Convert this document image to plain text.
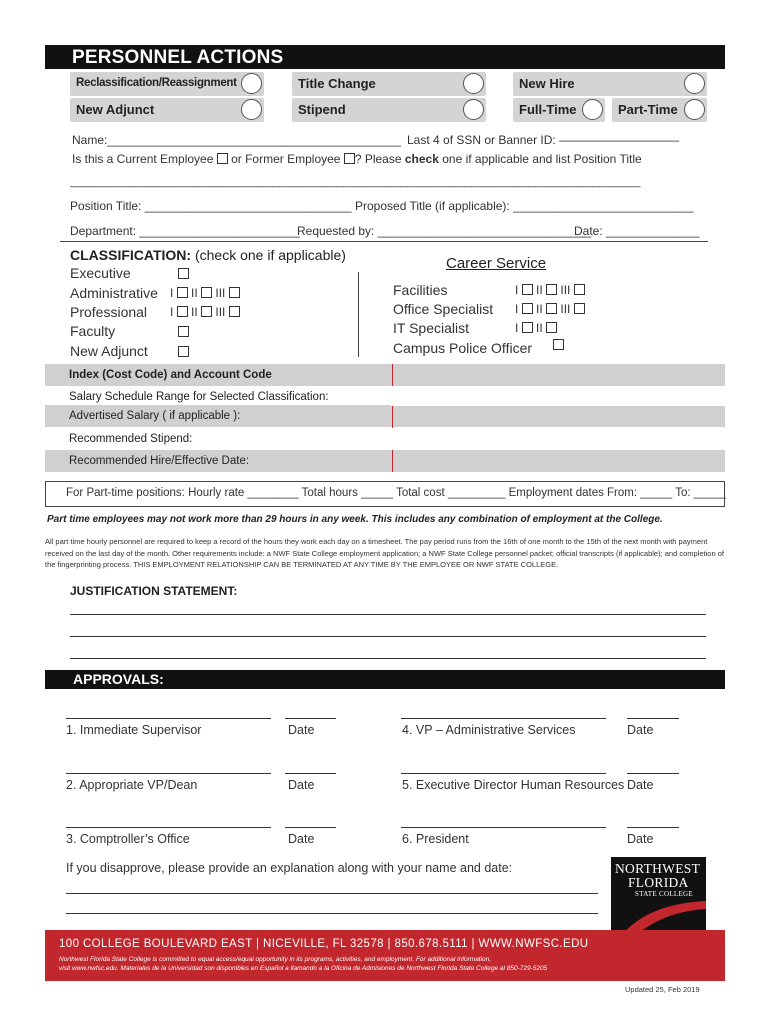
PERSONNEL ACTIONS
Reclassification/Reassignment	Title Change	New Hire
New Adjunct	Stipend	Full-Time	Part-Time
Name:____________________________________________ Last 4 of SSN or Banner ID: ——————————
Is this a Current Employee or Former Employee ? Please check one if applicable and list Position Title
__________________________________________________________________________________________________
Position Title: _______________________________ Proposed Title (if applicable): ___________________________
Department: ________________________
Requested by: ________________________________
Date: ______________
CLASSIFICATION: (check one if applicable)
Executive
Administrative I II III
Professional I II III
Faculty
New Adjunct
Career Service
Facilities	I II III
Office Specialist I II III
IT Specialist	I II
Campus Police Officer
Index (Cost Code) and Account Code
Salary Schedule Range for Selected Classification:
Advertised Salary ( if applicable ):
Recommended Stipend:
Recommended Hire/Effective Date:
For Part-time positions: Hourly rate ________ Total hours _____ Total cost _________ Employment dates From: _____ To: _____
Part time employees may not work more than 29 hours in any week. This includes any combination of employment at the College.
All part time hourly personnel are required to keep a record of the hours they work each day on a timesheet. The pay period runs from the 16th of one month to the 15th of the next month with payment received on the last day of the month. Other requirements include: a NWF State College employment application; a NWF State College personnel packet; official transcripts (if applicable); and completion of the fingerprinting process. THIS EMPLOYMENT RELATIONSHIP CAN BE TERMINATED AT ANY TIME BY THE EMPLOYEE OR NWF STATE COLLEGE.
JUSTIFICATION STATEMENT:
APPROVALS:
1. Immediate Supervisor	Date
2. Appropriate VP/Dean	Date
3. Comptroller’s Office	Date
4. VP – Administrative Services	Date
5. Executive Director Human Resources Date
6. President	Date
If you disapprove, please provide an explanation along with your name and date:	NORTHWEST
FLORIDA
STATE COLLEGE
100 COLLEGE BOULEVARD EAST | NICEVILLE, FL 32578 | 850.678.5111 | WWW.NWFSC.EDU
Northwest Florida State College is committed to equal access/equal opportunity in its programs, activities, and employment. For additional information,
visit www.nwfsc.edu. Materiales de la Universidad son disponibles en Español a llamando a la Oficina de Admisiones de Northwest Florida State College al 850-729-5205
Updated 25, Feb 2019
